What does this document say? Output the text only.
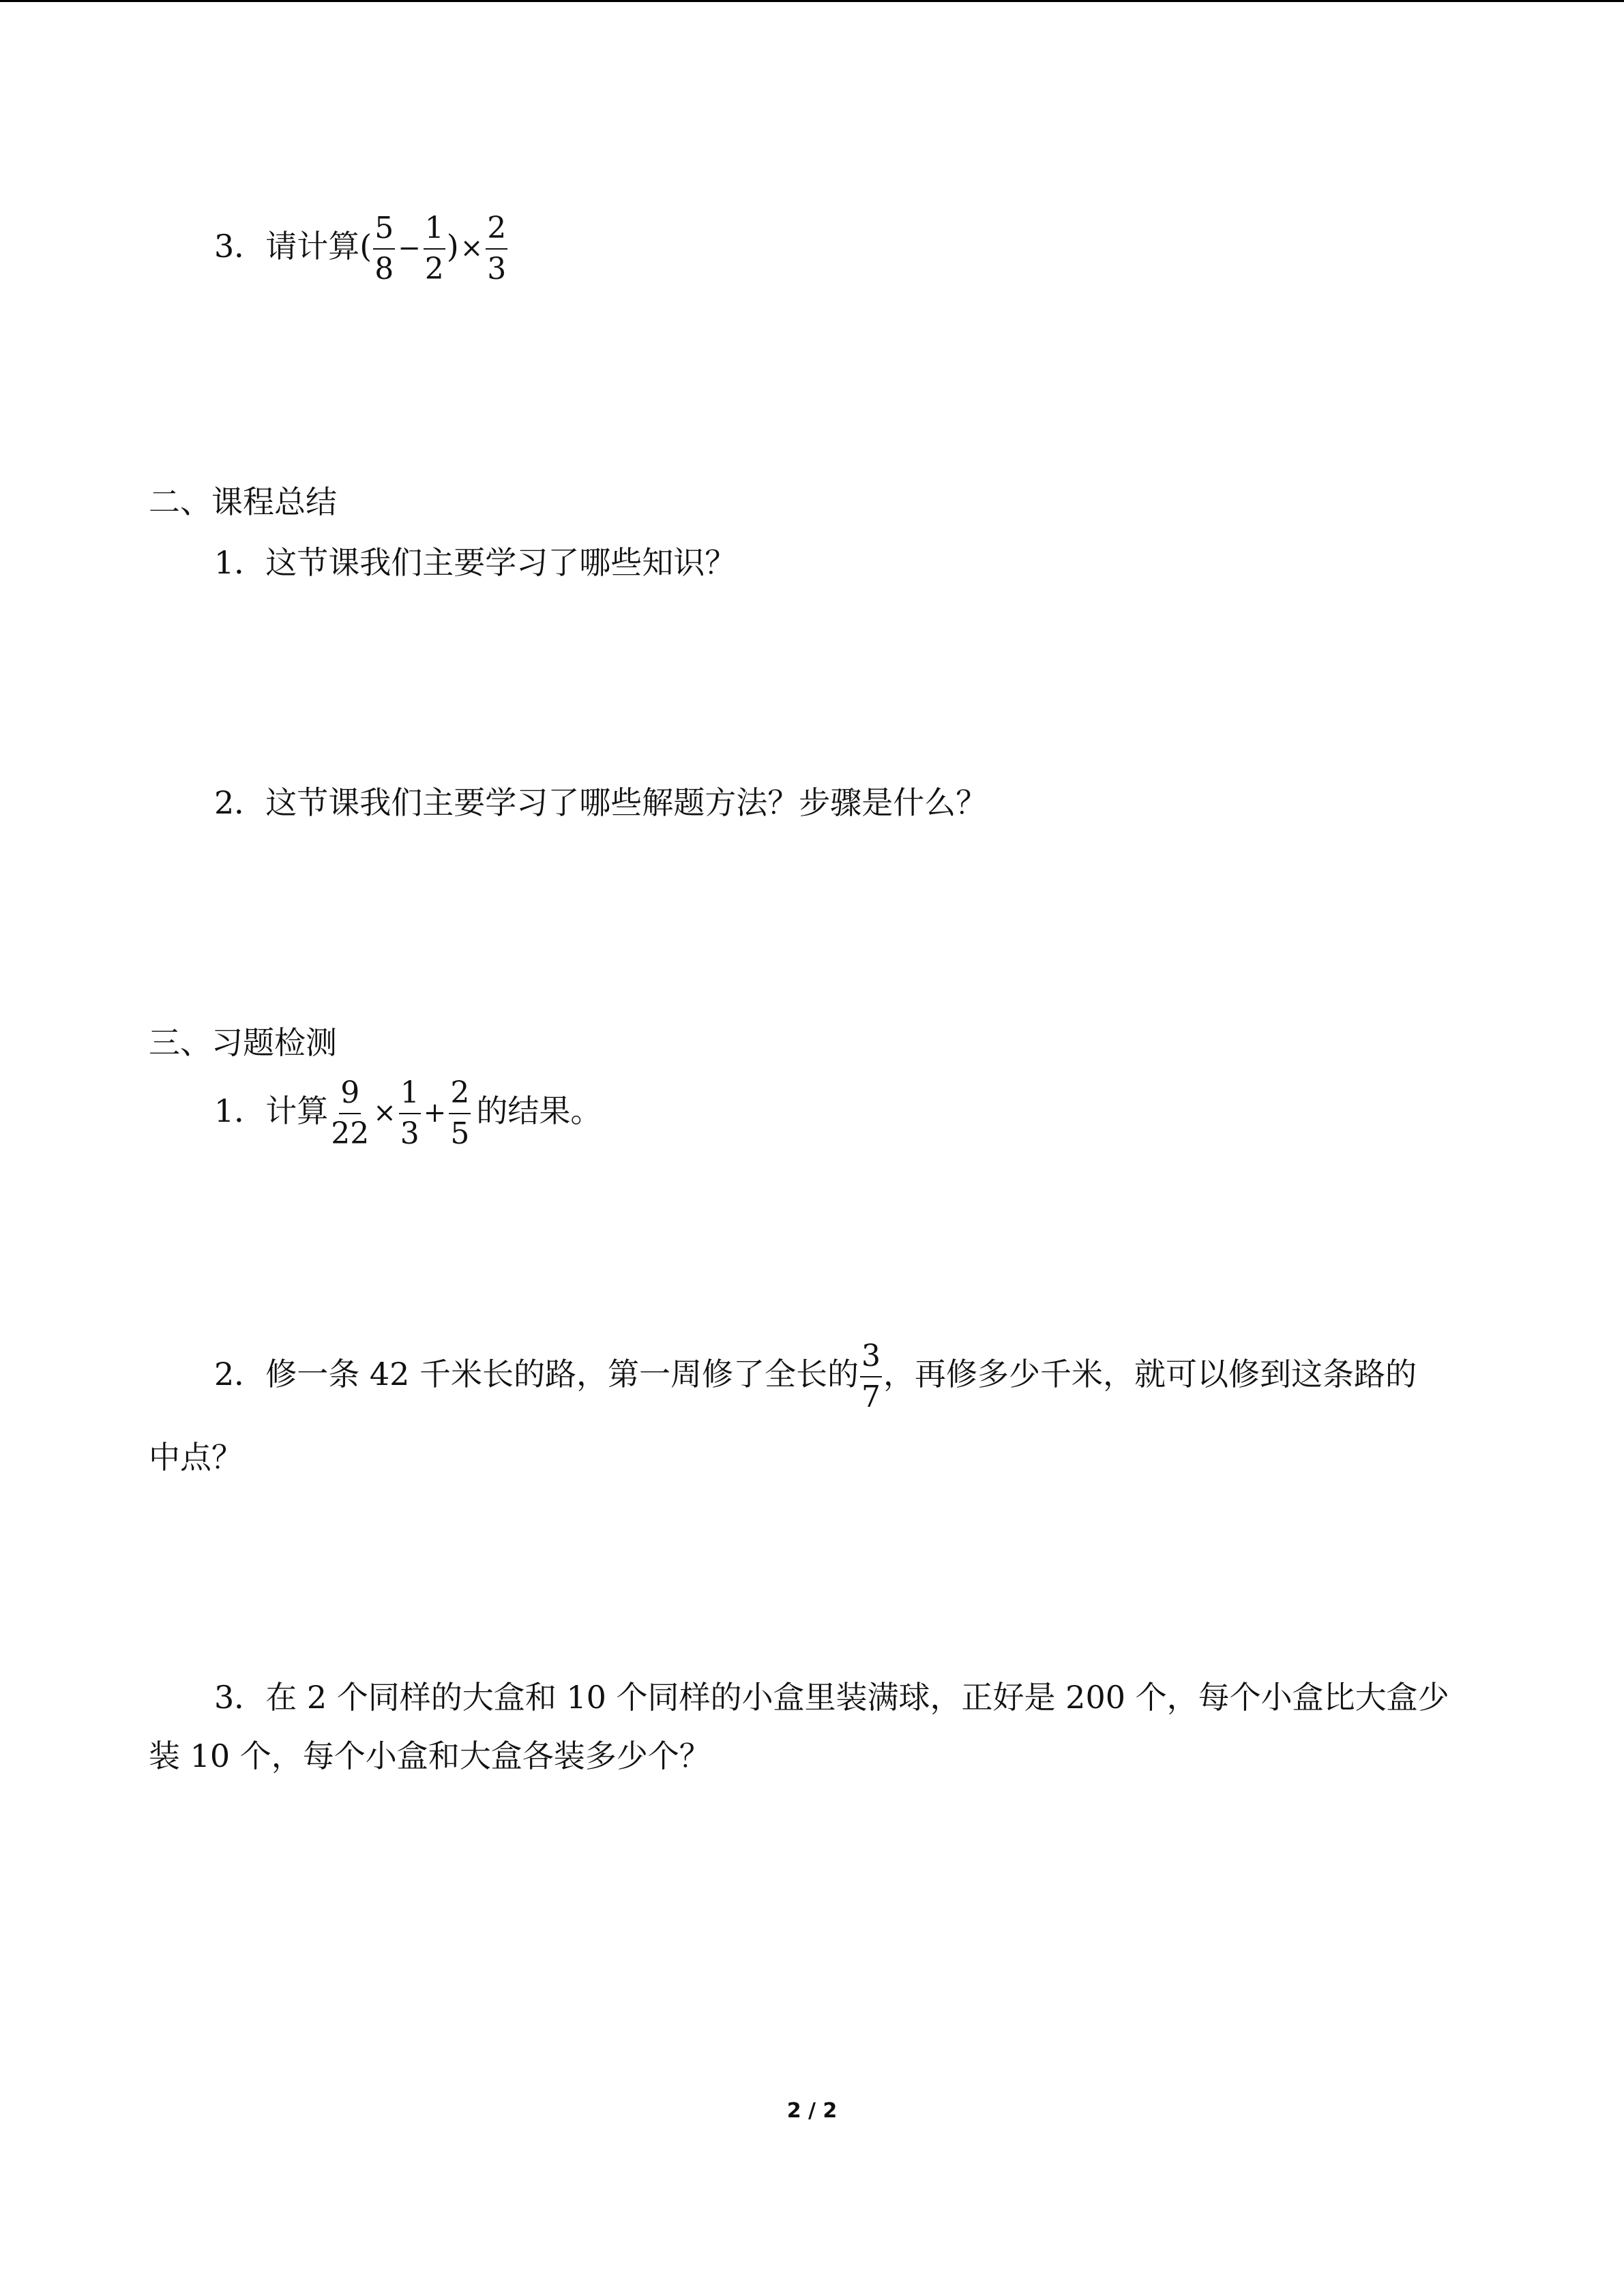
3．请计算( $\frac{5}{8} - \frac{1}{2}$ )× $\frac{2}{3}$
二、课程总结
1．这节课我们主要学习了哪些知识？
2．这节课我们主要学习了哪些解题方法？步骤是什么？
三、习题检测
1．计算 $\frac{9}{22} \times \frac{1}{3} + \frac{2}{5}$ 的结果。
2．修一条 42 千米长的路，第一周修了全长的 $\frac{3}{7}$ ，再修多少千米，就可以修到这条路的
中点？
3．在 2 个同样的大盒和 10 个同样的小盒里装满球，正好是 200 个，每个小盒比大盒少
装 10 个，每个小盒和大盒各装多少个？
2 / 2
